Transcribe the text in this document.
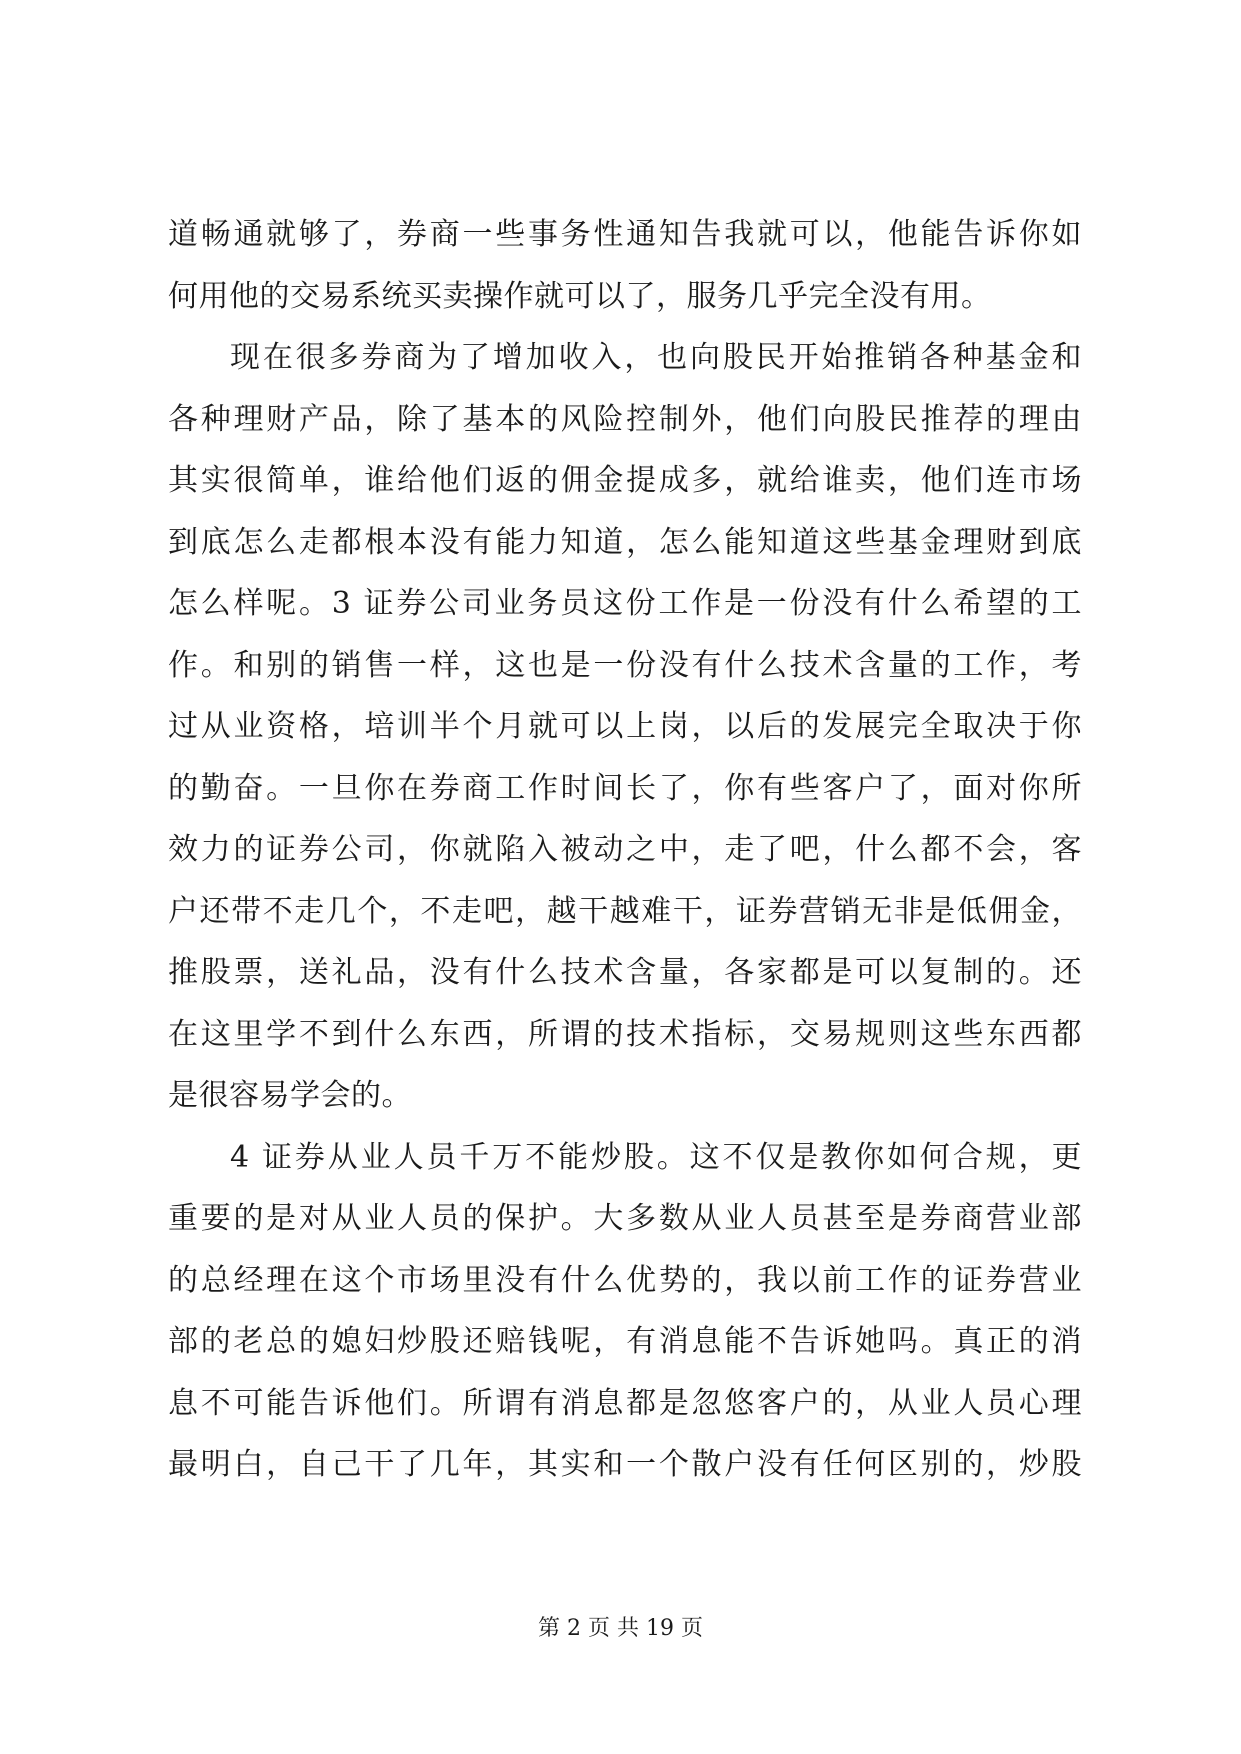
道畅通就够了，券商一些事务性通知告我就可以，他能告诉你如
何用他的交易系统买卖操作就可以了，服务几乎完全没有用。
现在很多券商为了增加收入，也向股民开始推销各种基金和
各种理财产品，除了基本的风险控制外，他们向股民推荐的理由
其实很简单，谁给他们返的佣金提成多，就给谁卖，他们连市场
到底怎么走都根本没有能力知道，怎么能知道这些基金理财到底
怎么样呢。3 证券公司业务员这份工作是一份没有什么希望的工
作。和别的销售一样，这也是一份没有什么技术含量的工作，考
过从业资格，培训半个月就可以上岗，以后的发展完全取决于你
的勤奋。一旦你在券商工作时间长了，你有些客户了，面对你所
效力的证券公司，你就陷入被动之中，走了吧，什么都不会，客
户还带不走几个，不走吧，越干越难干，证券营销无非是低佣金，
推股票，送礼品，没有什么技术含量，各家都是可以复制的。还
在这里学不到什么东西，所谓的技术指标，交易规则这些东西都
是很容易学会的。
4 证券从业人员千万不能炒股。这不仅是教你如何合规，更
重要的是对从业人员的保护。大多数从业人员甚至是券商营业部
的总经理在这个市场里没有什么优势的，我以前工作的证券营业
部的老总的媳妇炒股还赔钱呢，有消息能不告诉她吗。真正的消
息不可能告诉他们。所谓有消息都是忽悠客户的，从业人员心理
最明白，自己干了几年，其实和一个散户没有任何区别的，炒股
第 2 页 共 19 页
